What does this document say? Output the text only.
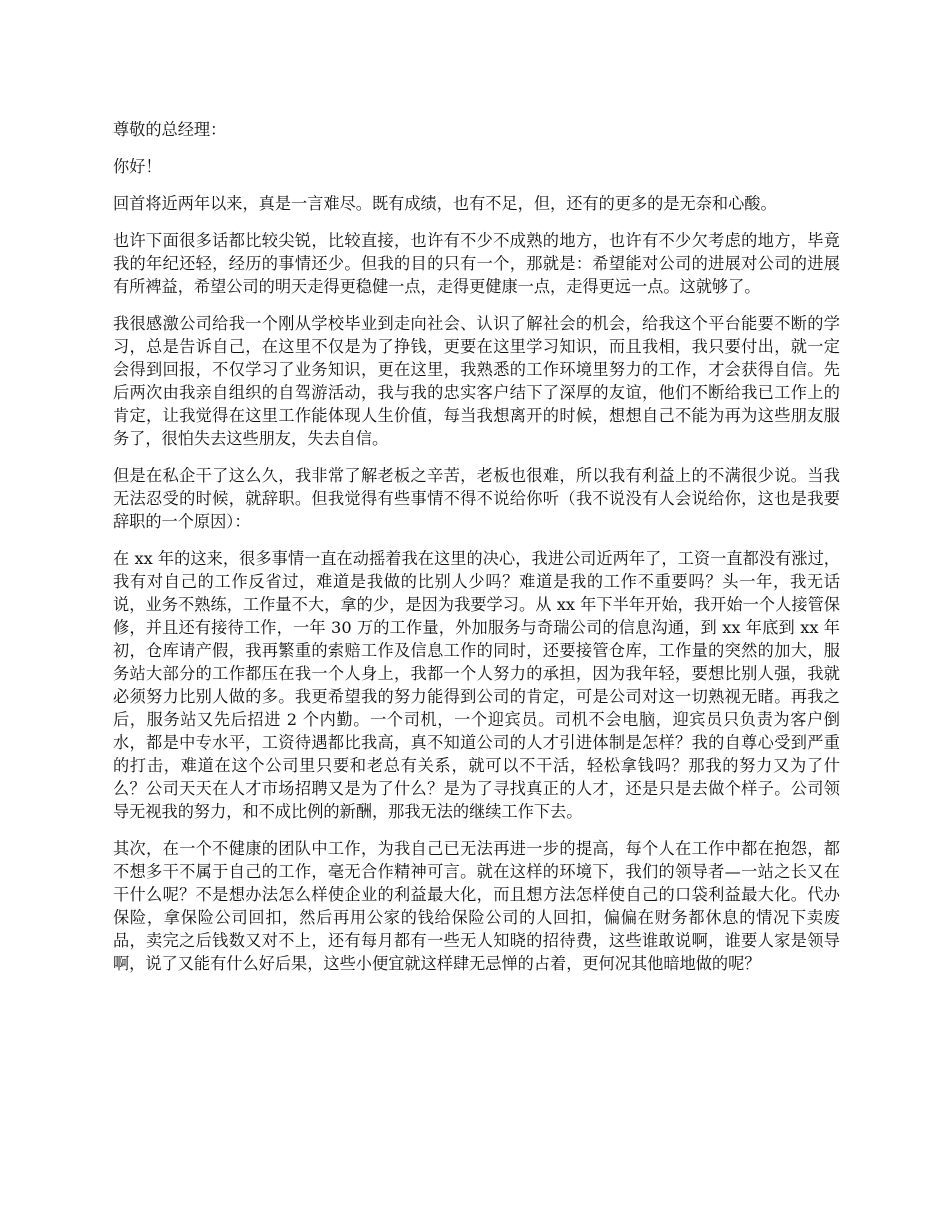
尊敬的总经理：

你好！

回首将近两年以来，真是一言难尽。既有成绩，也有不足，但，还有的更多的是无奈和心酸。

也许下面很多话都比较尖锐，比较直接，也许有不少不成熟的地方，也许有不少欠考虑的地方，毕竟我的年纪还轻，经历的事情还少。但我的目的只有一个，那就是：希望能对公司的进展对公司的进展有所裨益，希望公司的明天走得更稳健一点，走得更健康一点，走得更远一点。这就够了。

我很感激公司给我一个刚从学校毕业到走向社会、认识了解社会的机会，给我这个平台能要不断的学习，总是告诉自己，在这里不仅是为了挣钱，更要在这里学习知识，而且我相，我只要付出，就一定会得到回报，不仅学习了业务知识，更在这里，我熟悉的工作环境里努力的工作，才会获得自信。先后两次由我亲自组织的自驾游活动，我与我的忠实客户结下了深厚的友谊，他们不断给我已工作上的肯定，让我觉得在这里工作能体现人生价值，每当我想离开的时候，想想自己不能为再为这些朋友服务了，很怕失去这些朋友，失去自信。

但是在私企干了这么久，我非常了解老板之辛苦，老板也很难，所以我有利益上的不满很少说。当我无法忍受的时候，就辞职。但我觉得有些事情不得不说给你听（我不说没有人会说给你，这也是我要辞职的一个原因）：

在 xx 年的这来，很多事情一直在动摇着我在这里的决心，我进公司近两年了，工资一直都没有涨过，我有对自己的工作反省过，难道是我做的比别人少吗？难道是我的工作不重要吗？头一年，我无话说，业务不熟练，工作量不大，拿的少，是因为我要学习。从 xx 年下半年开始，我开始一个人接管保修，并且还有接待工作，一年 30 万的工作量，外加服务与奇瑞公司的信息沟通，到 xx 年底到 xx 年初，仓库请产假，我再繁重的索赔工作及信息工作的同时，还要接管仓库，工作量的突然的加大，服务站大部分的工作都压在我一个人身上，我都一个人努力的承担，因为我年轻，要想比别人强，我就必须努力比别人做的多。我更希望我的努力能得到公司的肯定，可是公司对这一切熟视无睹。再我之后，服务站又先后招进 2 个内勤。一个司机，一个迎宾员。司机不会电脑，迎宾员只负责为客户倒水，都是中专水平，工资待遇都比我高，真不知道公司的人才引进体制是怎样？我的自尊心受到严重的打击，难道在这个公司里只要和老总有关系，就可以不干活，轻松拿钱吗？那我的努力又为了什么？公司天天在人才市场招聘又是为了什么？是为了寻找真正的人才，还是只是去做个样子。公司领导无视我的努力，和不成比例的新酬，那我无法的继续工作下去。

其次，在一个不健康的团队中工作，为我自己已无法再进一步的提高，每个人在工作中都在抱怨，都不想多干不属于自己的工作，毫无合作精神可言。就在这样的环境下，我们的领导者—一站之长又在干什么呢？不是想办法怎么样使企业的利益最大化，而且想方法怎样使自己的口袋利益最大化。代办保险，拿保险公司回扣，然后再用公家的钱给保险公司的人回扣，偏偏在财务都休息的情况下卖废品，卖完之后钱数又对不上，还有每月都有一些无人知晓的招待费，这些谁敢说啊，谁要人家是领导啊，说了又能有什么好后果，这些小便宜就这样肆无忌惮的占着，更何况其他暗地做的呢？
